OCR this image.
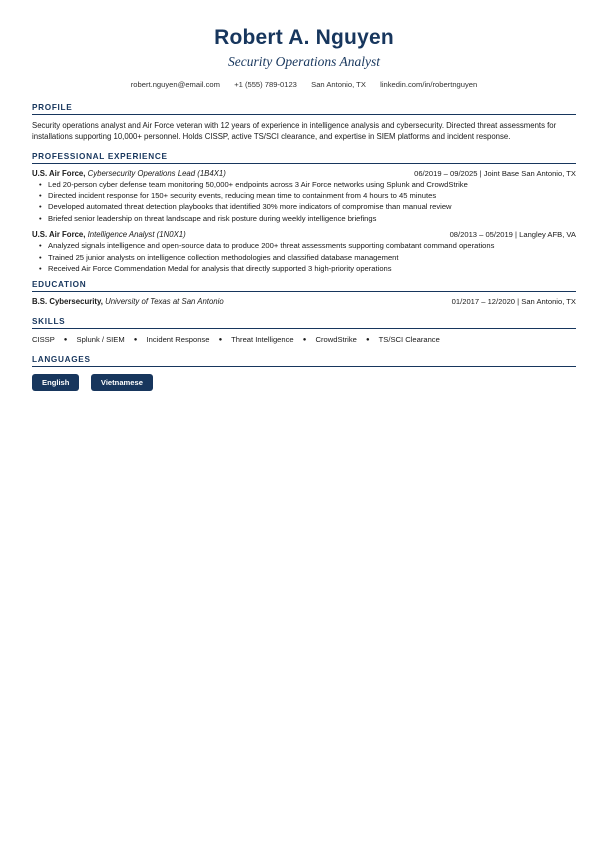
Robert A. Nguyen
Security Operations Analyst
robert.nguyen@email.com +1 (555) 789-0123 San Antonio, TX linkedin.com/in/robertnguyen
PROFILE

Security operations analyst and Air Force veteran with 12 years of experience in intelligence analysis and cybersecurity. Directed threat assessments for installations supporting 10,000+ personnel. Holds CISSP, active TS/SCI clearance, and expertise in SIEM platforms and incident response.

PROFESSIONAL EXPERIENCE
U.S. Air Force, Cybersecurity Operations Lead (1B4X1)	06/2019 – 09/2025 | Joint Base San Antonio, TX
• Led 20-person cyber defense team monitoring 50,000+ endpoints across 3 Air Force networks using Splunk and CrowdStrike
• Directed incident response for 150+ security events, reducing mean time to containment from 4 hours to 45 minutes
• Developed automated threat detection playbooks that identified 30% more indicators of compromise than manual review
• Briefed senior leadership on threat landscape and risk posture during weekly intelligence briefings
U.S. Air Force, Intelligence Analyst (1N0X1)	08/2013 – 05/2019 | Langley AFB, VA
• Analyzed signals intelligence and open-source data to produce 200+ threat assessments supporting combatant command operations
• Trained 25 junior analysts on intelligence collection methodologies and classified database management
• Received Air Force Commendation Medal for analysis that directly supported 3 high-priority operations
EDUCATION
B.S. Cybersecurity, University of Texas at San Antonio	01/2017 – 12/2020 | San Antonio, TX
SKILLS
CISSP ● Splunk / SIEM ● Incident Response ● Threat Intelligence ● CrowdStrike ● TS/SCI Clearance
LANGUAGES
English	Vietnamese
